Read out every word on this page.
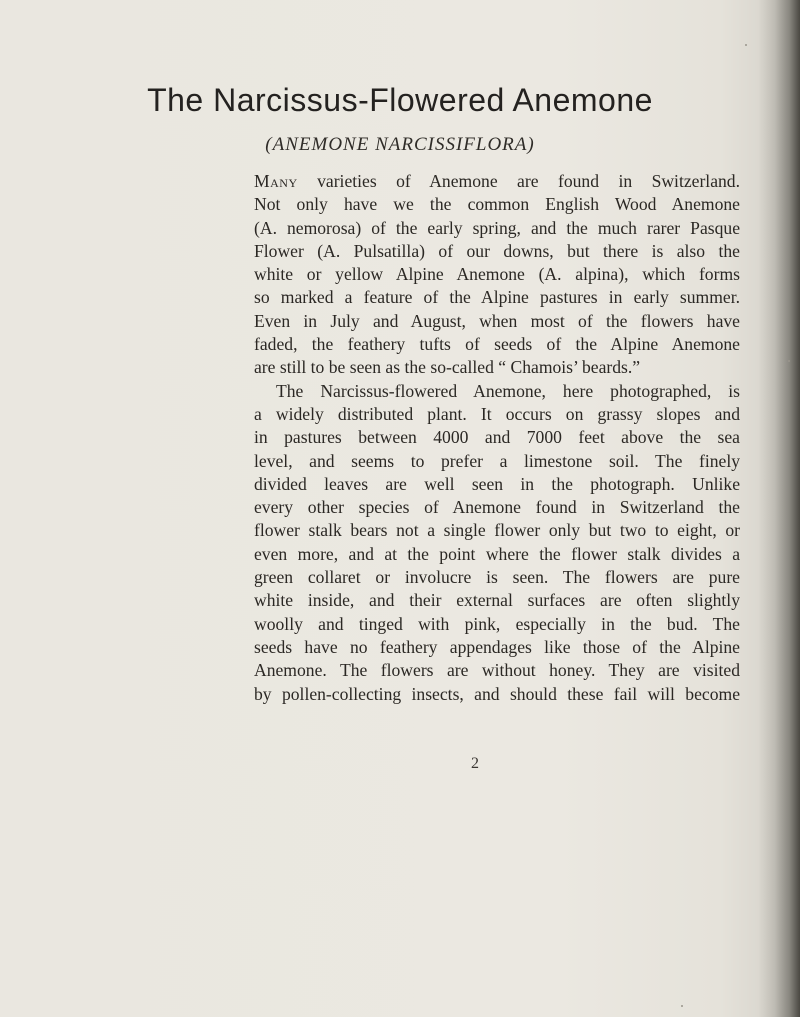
The Narcissus-Flowered Anemone
(ANEMONE NARCISSIFLORA)
Many varieties of Anemone are found in Switzerland.
Not only have we the common English Wood Anemone
(A. nemorosa) of the early spring, and the much rarer Pasque
Flower (A. Pulsatilla) of our downs, but there is also the
white or yellow Alpine Anemone (A. alpina), which forms
so marked a feature of the Alpine pastures in early summer.
Even in July and August, when most of the flowers have
faded, the feathery tufts of seeds of the Alpine Anemone
are still to be seen as the so-called “ Chamois’ beards.”
The Narcissus-flowered Anemone, here photographed, is
a widely distributed plant. It occurs on grassy slopes and
in pastures between 4000 and 7000 feet above the sea
level, and seems to prefer a limestone soil. The finely
divided leaves are well seen in the photograph. Unlike
every other species of Anemone found in Switzerland the
flower stalk bears not a single flower only but two to eight, or
even more, and at the point where the flower stalk divides a
green collaret or involucre is seen. The flowers are pure
white inside, and their external surfaces are often slightly
woolly and tinged with pink, especially in the bud. The
seeds have no feathery appendages like those of the Alpine
Anemone. The flowers are without honey. They are visited
by pollen-collecting insects, and should these fail will become
2
